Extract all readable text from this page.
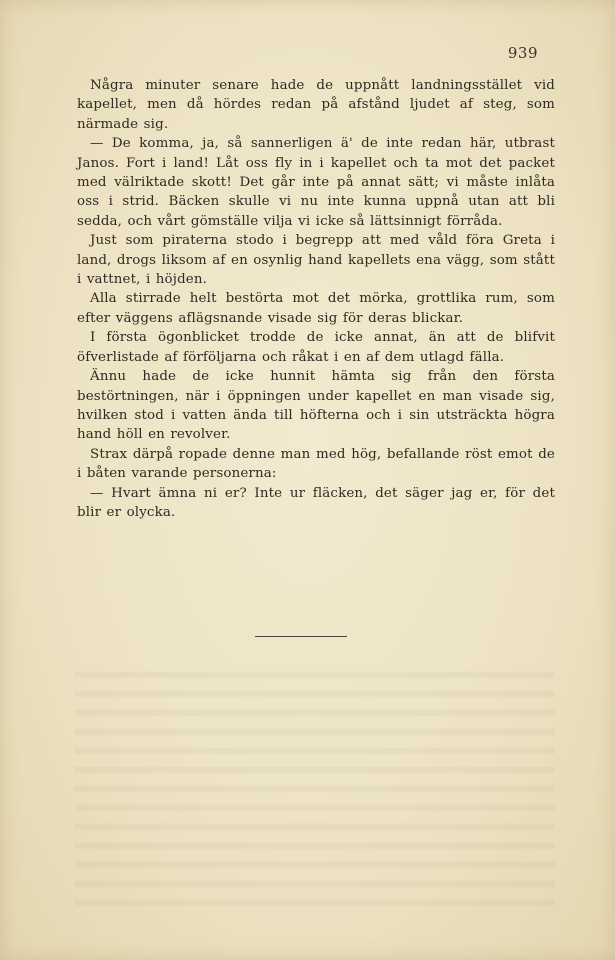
939

Några minuter senare hade de uppnått landningsstället vid kapellet, men då hördes redan på afstånd ljudet af steg, som närmade sig.

— De komma, ja, så sannerligen ä' de inte redan här, utbrast Janos. Fort i land! Låt oss fly in i kapellet och ta mot det packet med välriktade skott! Det går inte på annat sätt; vi måste inlåta oss i strid. Bäcken skulle vi nu inte kunna uppnå utan att bli sedda, och vårt gömställe vilja vi icke så lättsinnigt förråda.

Just som piraterna stodo i begrepp att med våld föra Greta i land, drogs liksom af en osynlig hand kapellets ena vägg, som stått i vattnet, i höjden.

Alla stirrade helt bestörta mot det mörka, grottlika rum, som efter väggens aflägsnande visade sig för deras blickar.

I första ögonblicket trodde de icke annat, än att de blifvit öfverlistade af förföljarna och råkat i en af dem utlagd fälla.

Ännu hade de icke hunnit hämta sig från den första bestörtningen, när i öppningen under kapellet en man visade sig, hvilken stod i vatten ända till höfterna och i sin utsträckta högra hand höll en revolver.

Strax därpå ropade denne man med hög, befallande röst emot de i båten varande personerna:

— Hvart ämna ni er? Inte ur fläcken, det säger jag er, för det blir er olycka.
